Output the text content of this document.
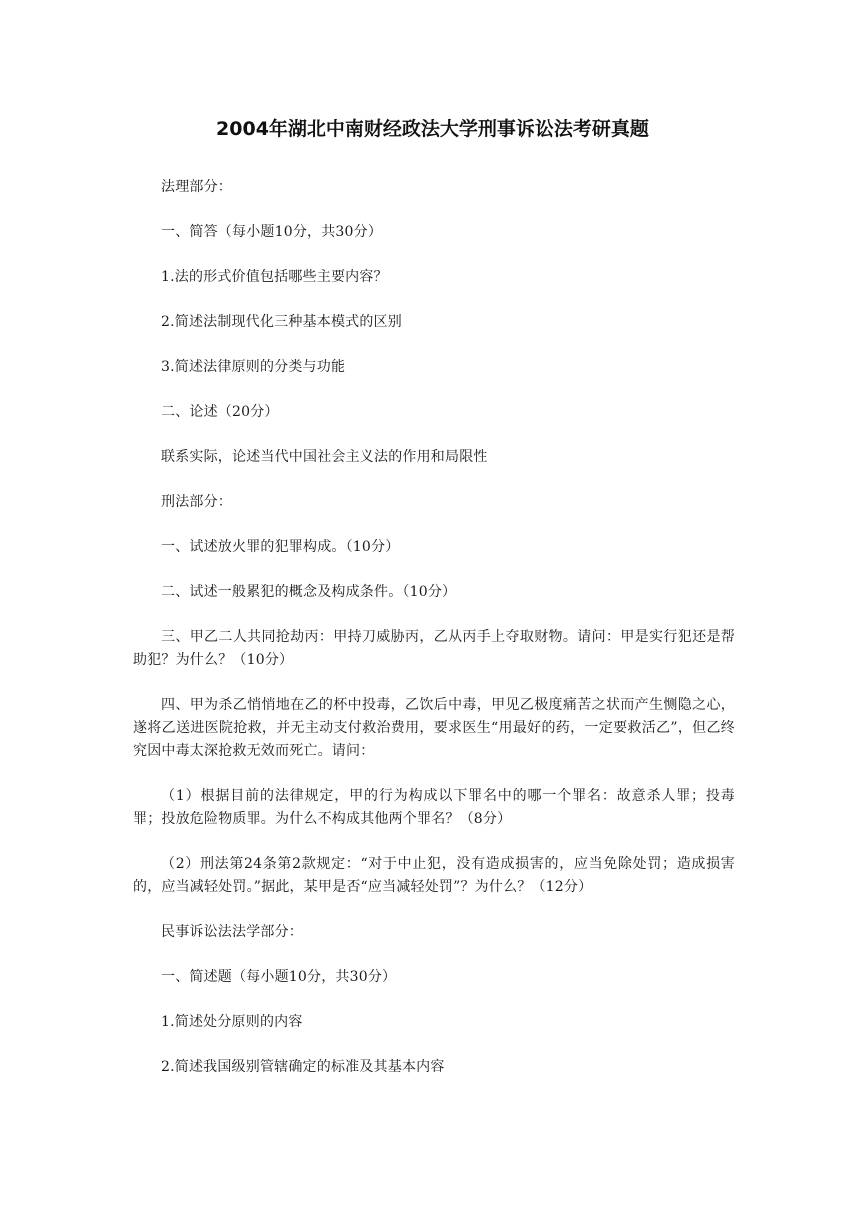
2004年湖北中南财经政法大学刑事诉讼法考研真题

法理部分：

一、简答（每小题10分，共30分）

1.法的形式价值包括哪些主要内容？

2.简述法制现代化三种基本模式的区别

3.简述法律原则的分类与功能

二、论述（20分）

联系实际，论述当代中国社会主义法的作用和局限性

刑法部分：

一、试述放火罪的犯罪构成。（10分）

二、试述一般累犯的概念及构成条件。（10分）

三、甲乙二人共同抢劫丙：甲持刀威胁丙，乙从丙手上夺取财物。请问：甲是实行犯还是帮助犯？为什么？（10分）

四、甲为杀乙悄悄地在乙的杯中投毒，乙饮后中毒，甲见乙极度痛苦之状而产生恻隐之心，遂将乙送进医院抢救，并无主动支付救治费用，要求医生“用最好的药，一定要救活乙”，但乙终究因中毒太深抢救无效而死亡。请问：

（1）根据目前的法律规定，甲的行为构成以下罪名中的哪一个罪名：故意杀人罪；投毒罪；投放危险物质罪。为什么不构成其他两个罪名？（8分）

（2）刑法第24条第2款规定：“对于中止犯，没有造成损害的，应当免除处罚；造成损害的，应当减轻处罚。”据此，某甲是否“应当减轻处罚”？为什么？（12分）

民事诉讼法法学部分：

一、简述题（每小题10分，共30分）

1.简述处分原则的内容

2.简述我国级别管辖确定的标准及其基本内容
